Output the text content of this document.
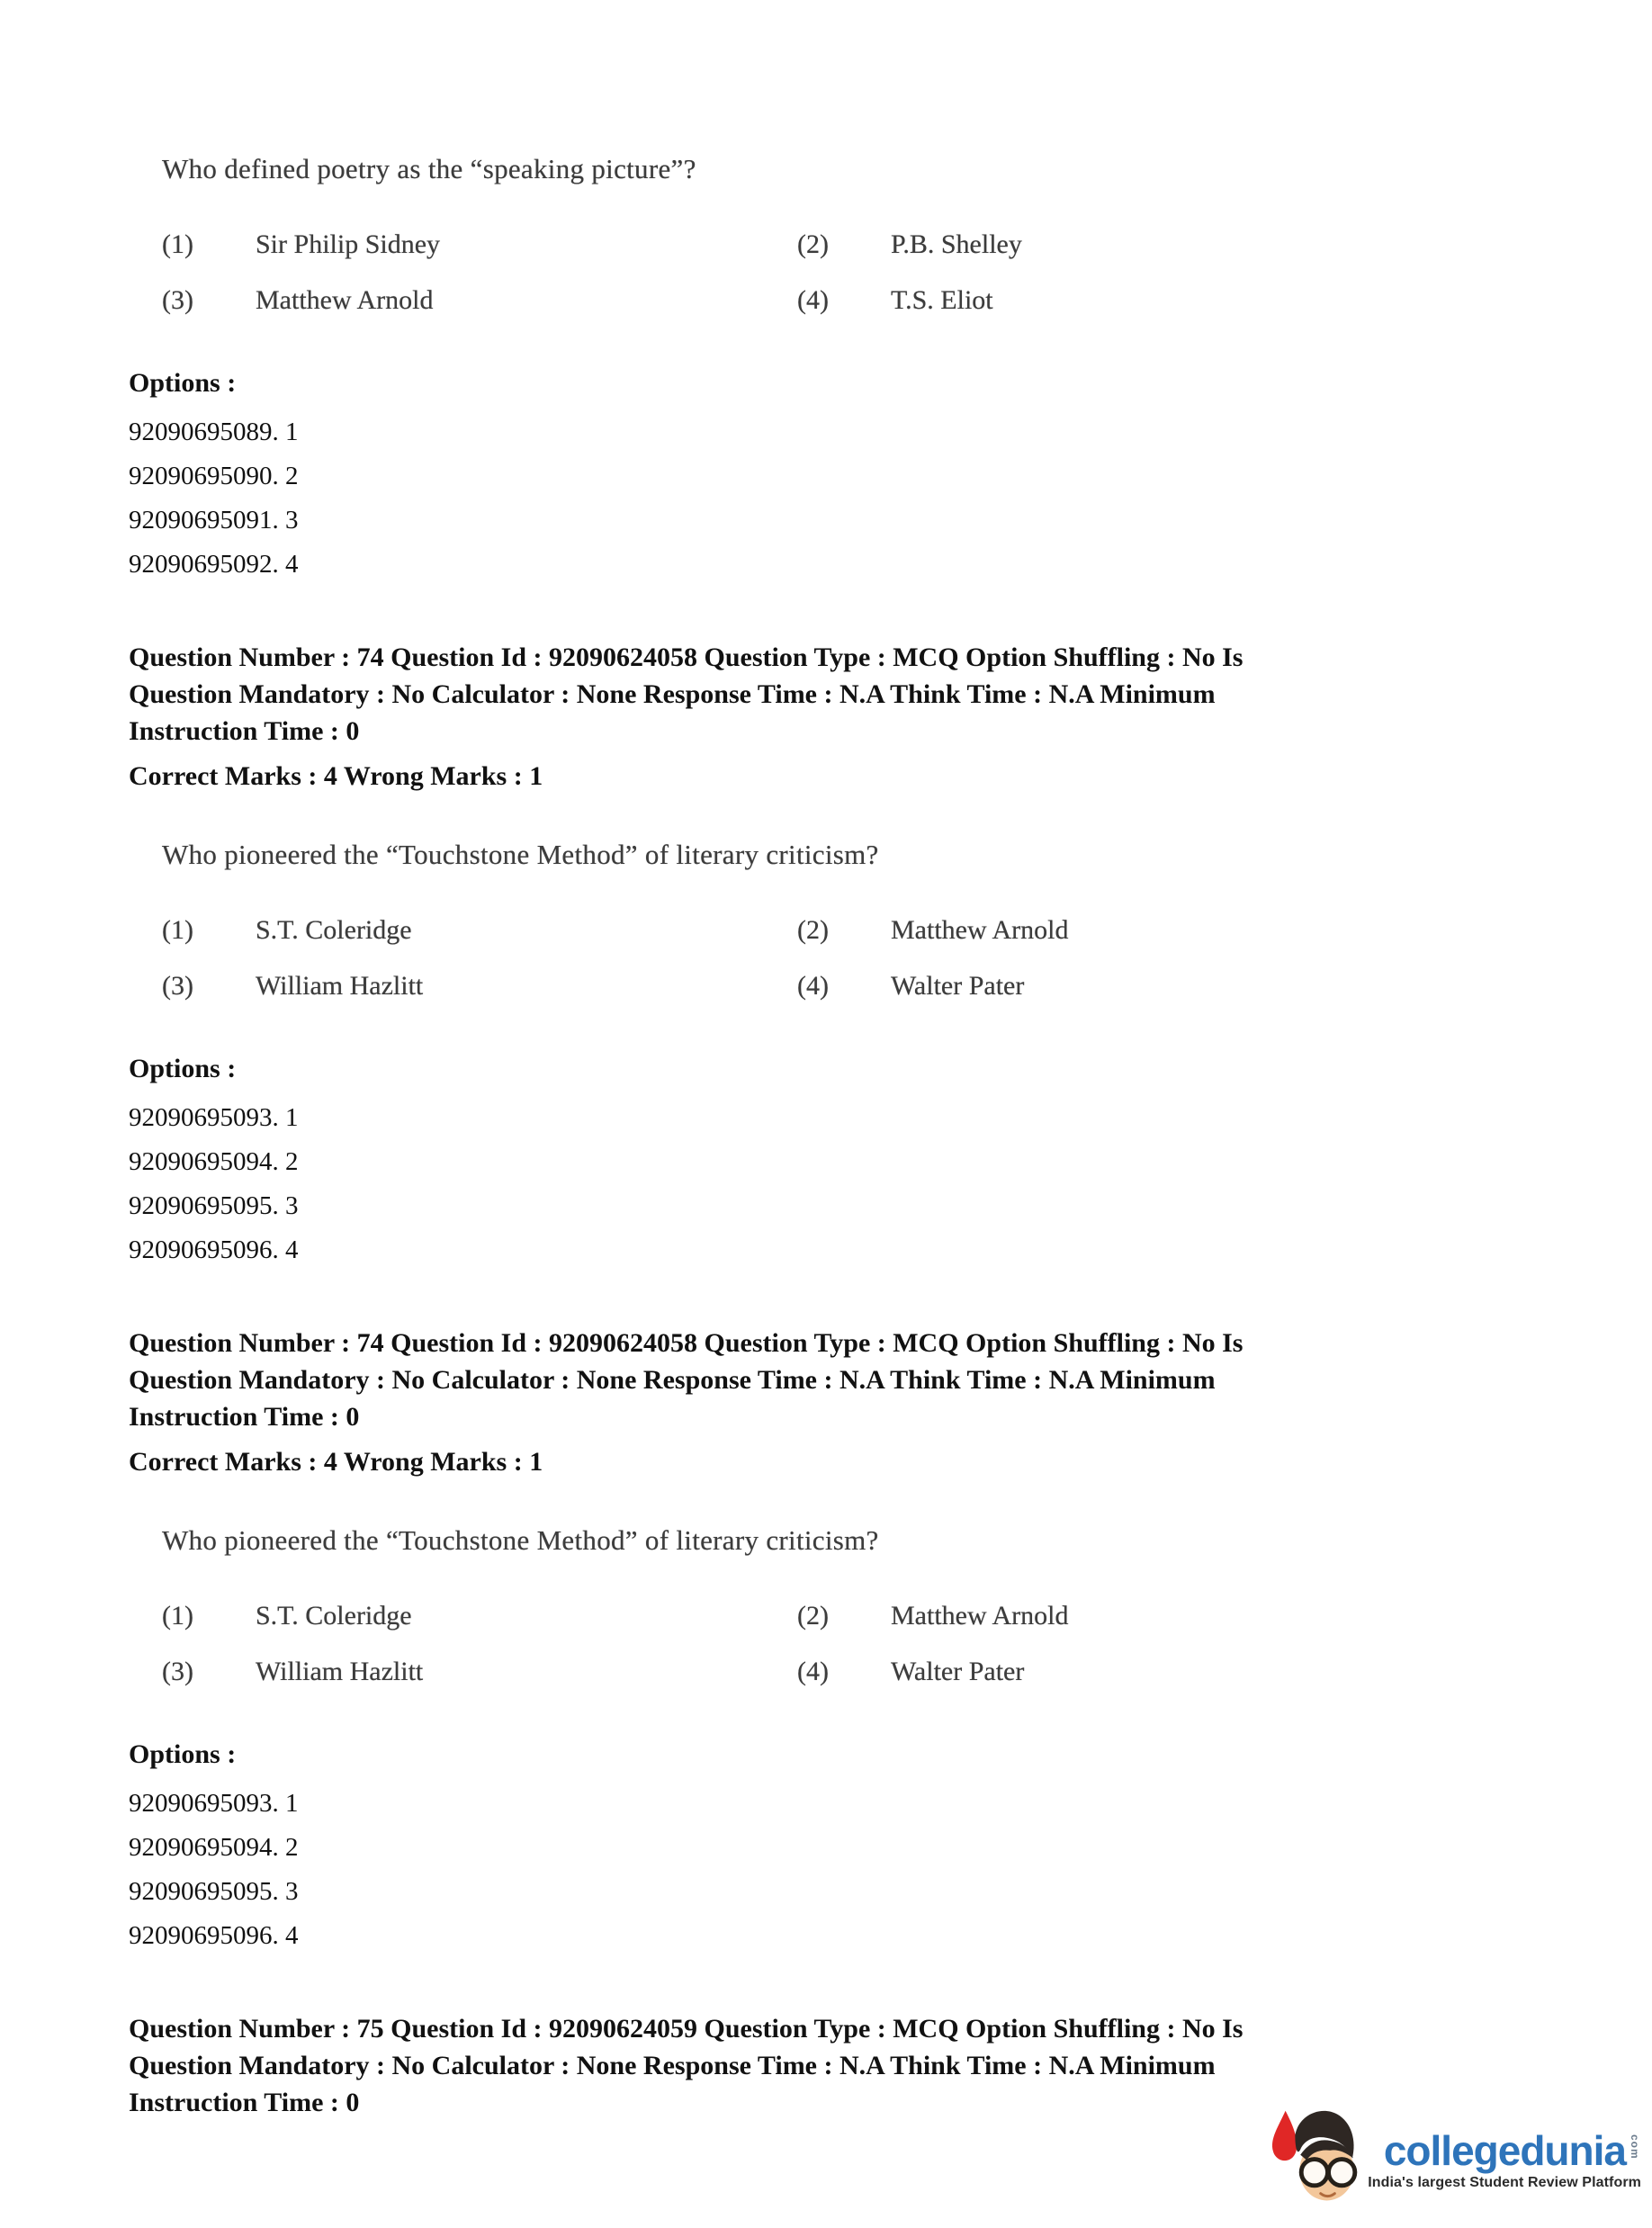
Who defined poetry as the “speaking picture”?

(1) Sir Philip Sidney	(2) P.B. Shelley
(3) Matthew Arnold	(4) T.S. Eliot

Options :

92090695089. 1
92090695090. 2
92090695091. 3
92090695092. 4
Question Number : 74 Question Id : 92090624058 Question Type : MCQ Option Shuffling : No Is
Question Mandatory : No Calculator : None Response Time : N.A Think Time : N.A Minimum
Instruction Time : 0

Correct Marks : 4 Wrong Marks : 1

Who pioneered the “Touchstone Method” of literary criticism?

(1) S.T. Coleridge	(2) Matthew Arnold
(3) William Hazlitt	(4) Walter Pater

Options :

92090695093. 1
92090695094. 2
92090695095. 3
92090695096. 4
Question Number : 74 Question Id : 92090624058 Question Type : MCQ Option Shuffling : No Is
Question Mandatory : No Calculator : None Response Time : N.A Think Time : N.A Minimum
Instruction Time : 0

Correct Marks : 4 Wrong Marks : 1

Who pioneered the “Touchstone Method” of literary criticism?

(1) S.T. Coleridge	(2) Matthew Arnold
(3) William Hazlitt	(4) Walter Pater

Options :

92090695093. 1
92090695094. 2
92090695095. 3
92090695096. 4
Question Number : 75 Question Id : 92090624059 Question Type : MCQ Option Shuffling : No Is
Question Mandatory : No Calculator : None Response Time : N.A Think Time : N.A Minimum
Instruction Time : 0
collegedunia com
India's largest Student Review Platform
